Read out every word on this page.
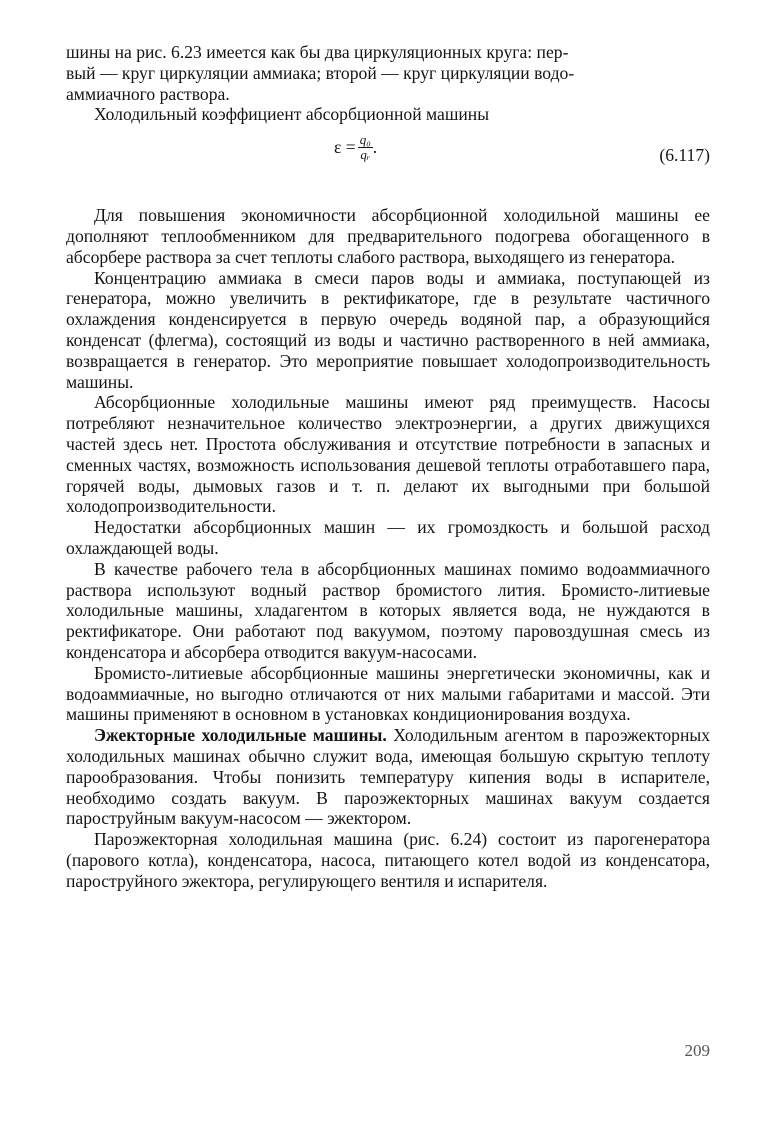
шины на рис. 6.23 имеется как бы два циркуляционных круга: пер-
вый — круг циркуляции аммиака; второй — круг циркуляции водо-
аммиачного раствора.

Холодильный коэффициент абсорбционной машины

$\varepsilon = \frac{\text{q₀}}{\text{qᵣ}}$ .	(6.117)

Для повышения экономичности абсорбционной холодильной машины ее дополняют теплообменником для предварительного подогрева обогащенного в абсорбере раствора за счет теплоты слабого раствора, выходящего из генератора.

Концентрацию аммиака в смеси паров воды и аммиака, поступающей из генератора, можно увеличить в ректификаторе, где в результате частичного охлаждения конденсируется в первую очередь водяной пар, а образующийся конденсат (флегма), состоящий из воды и частично растворенного в ней аммиака, возвращается в генератор. Это мероприятие повышает холодопроизводительность машины.

Абсорбционные холодильные машины имеют ряд преимуществ. Насосы потребляют незначительное количество электроэнергии, а других движущихся частей здесь нет. Простота обслуживания и отсутствие потребности в запасных и сменных частях, возможность использования дешевой теплоты отработавшего пара, горячей воды, дымовых газов и т. п. делают их выгодными при большой холодопроизводительности.

Недостатки абсорбционных машин — их громоздкость и большой расход охлаждающей воды.

В качестве рабочего тела в абсорбционных машинах помимо водоаммиачного раствора используют водный раствор бромистого лития. Бромисто-литиевые холодильные машины, хладагентом в которых является вода, не нуждаются в ректификаторе. Они работают под вакуумом, поэтому паровоздушная смесь из конденсатора и абсорбера отводится вакуум-насосами.

Бромисто-литиевые абсорбционные машины энергетически экономичны, как и водоаммиачные, но выгодно отличаются от них малыми габаритами и массой. Эти машины применяют в основном в установках кондиционирования воздуха.

Эжекторные холодильные машины. Холодильным агентом в пароэжекторных холодильных машинах обычно служит вода, имеющая большую скрытую теплоту парообразования. Чтобы понизить температуру кипения воды в испарителе, необходимо создать вакуум. В пароэжекторных машинах вакуум создается пароструйным вакуум-насосом — эжектором.

Пароэжекторная холодильная машина (рис. 6.24) состоит из парогенератора (парового котла), конденсатора, насоса, питающего котел водой из конденсатора, пароструйного эжектора, регулирующего вентиля и испарителя.

209
